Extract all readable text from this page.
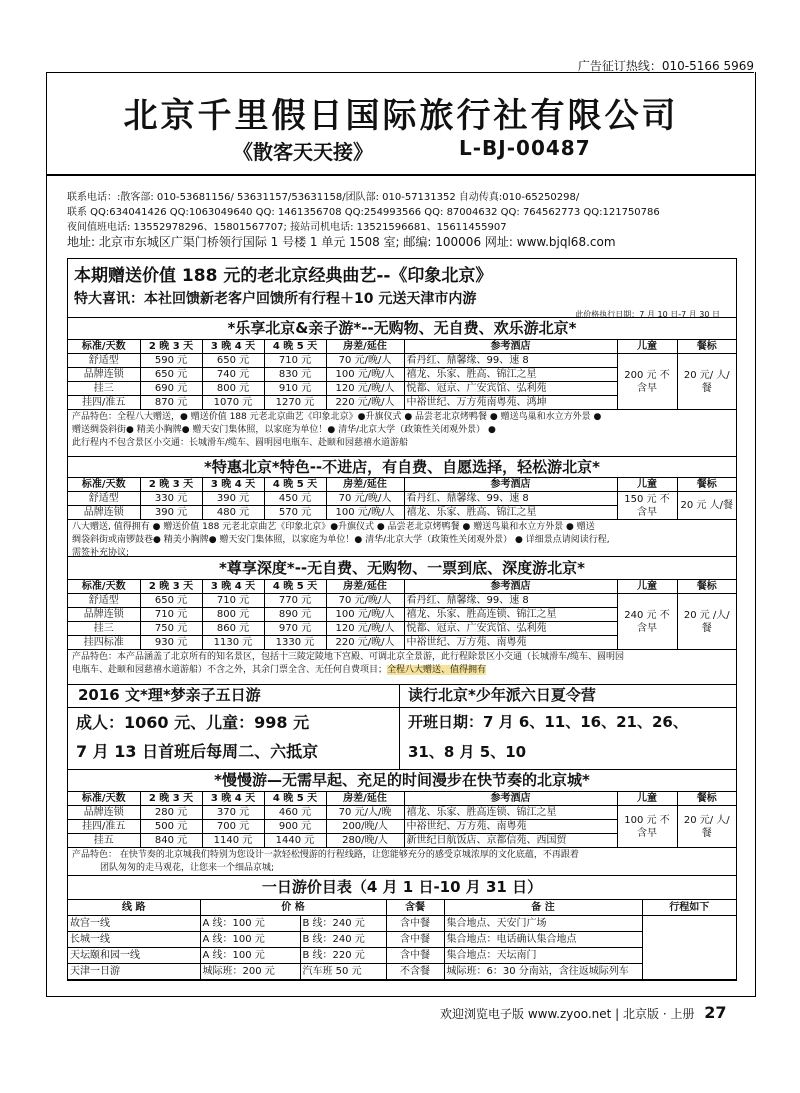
广告征订热线：010-5166 5969
北京千里假日国际旅行社有限公司
《散客天天接》	L-BJ-00487
联系电话：:散客部: 010-53681156/ 53631157/53631158/团队部: 010-57131352 自动传真:010-65250298/
联系 QQ:634041426 QQ:1063049640 QQ: 1461356708 QQ:254993566 QQ: 87004632 QQ: 764562773 QQ:121750786
夜间值班电话: 13552978296、15801567707; 接站司机电话: 13521596681、15611455907
地址: 北京市东城区广渠门桥领行国际 1 号楼 1 单元 1508 室; 邮编: 100006 网址: www.bjql68.com
本期赠送价值 188 元的老北京经典曲艺--《印象北京》
特大喜讯：本社回馈新老客户回馈所有行程＋10 元送天津市内游
此价格执行日期：7 月 10 日-7 月 30 日
*乐享北京&亲子游*--无购物、无自费、欢乐游北京*
标准/天数	2 晚 3 天	3 晚 4 天	4 晚 5 天	房差/延住	参考酒店	儿童	餐标
舒适型	590 元	650 元	710 元	70 元/晚/人	看丹红、鼎馨缘、99、速 8	200 元 不含早	20 元/ 人/餐
品牌连锁	650 元	740 元	830 元	100 元/晚/人	禧龙、乐家、胜高、锦江之星		
挂三	690 元	800 元	910 元	120 元/晚/人	悦都、冠京、广安宾馆、弘利苑		
挂四/准五	870 元	1070 元	1270 元	220 元/晚/人	中裕世纪、万方苑南粤苑、鸿坤		
产品特色：全程八大赠送，● 赠送价值 188 元老北京曲艺《印象北京》●升旗仪式 ● 品尝老北京烤鸭餐 ● 赠送鸟巢和水立方外景 ●
赠送绸袋斜街● 精美小胸牌● 赠天安门集体照，以家庭为单位！● 清华/北京大学（政策性关闭观外景） ●
此行程内不包含景区小交通：长城滑车/缆车、圆明园电瓶车、赴颐和园慈禧水道游船
*特惠北京*特色--不进店，有自费、自愿选择，轻松游北京*
标准/天数	2 晚 3 天	3 晚 4 天	4 晚 5 天	房差/延住	参考酒店	儿童	餐标
舒适型	330 元	390 元	450 元	70 元/晚/人	看丹红、鼎馨缘、99、速 8	150 元 不含早	20 元 人/餐
品牌连锁	390 元	480 元	570 元	100 元/晚/人	禧龙、乐家、胜高、锦江之星		
八大赠送, 值得拥有 ● 赠送价值 188 元老北京曲艺《印象北京》●升旗仪式 ● 品尝老北京烤鸭餐 ● 赠送鸟巢和水立方外景 ● 赠送
绸袋斜街或南锣鼓巷● 精美小胸牌● 赠天安门集体照，以家庭为单位！● 清华/北京大学（政策性关闭观外景） ● 详细景点请阅读行程,
需签补充协议;
*尊享深度*--无自费、无购物、一票到底、深度游北京*
标准/天数	2 晚 3 天	3 晚 4 天	4 晚 5 天	房差/延住	参考酒店	儿童	餐标
舒适型	650 元	710 元	770 元	70 元/晚/人	看丹红、鼎馨缘、99、速 8	240 元 不含早	20 元 /人/餐
品牌连锁	710 元	800 元	890 元	100 元/晚/人	禧龙、乐家、胜高连锁、锦江之星		
挂三	750 元	860 元	970 元	120 元/晚/人	悦都、冠京、广安宾馆、弘利苑		
挂四标准	930 元	1130 元	1330 元	220 元/晚/人	中裕世纪、万方苑、南粤苑		
产品特色：本产品涵盖了北京所有的知名景区，包括十三陵定陵地下宫殿、可调北京全景游，此行程除景区小交通（长城滑车/缆车、圆明园
电瓶车、赴颐和园慈禧水道游船）不含之外，其余门票全含、无任何自费项目；全程八大赠送、值得拥有
2016 文*理*梦亲子五日游
成人：1060 元、儿童：998 元
7 月 13 日首班后每周二、六抵京
读行北京*少年派六日夏令营
开班日期：7 月 6、11、16、21、26、
31、8 月 5、10
*慢慢游—无需早起、充足的时间漫步在快节奏的北京城*
标准/天数	2 晚 3 天	3 晚 4 天	4 晚 5 天	房差/延住	参考酒店	儿童	餐标
品牌连锁	280 元	370 元	460 元	70 元/人/晚	禧龙、乐家、胜高连锁、锦江之星	100 元 不含早	20 元/ 人/餐
挂四/准五	500 元	700 元	900 元	200/晚/人	中裕世纪、万方苑、南粤苑		
挂五	840 元	1140 元	1440 元	280/晚/人	新世纪日航饭店、京都信苑、西国贸		
产品特色： 在快节奏的北京城我们特别为您设计一款轻松慢游的行程线路，让您能够充分的感受京城浓厚的文化底蕴，不再跟着
团队匆匆的走马观花，让您来一个细品京城;
一日游价目表（4 月 1 日-10 月 31 日）
线 路	价 格		含餐	备 注	行程如下
故宫一线	A 线：100 元	B 线：240 元	含中餐	集合地点、天安门广场	
长城一线	A 线：100 元	B 线：240 元	含中餐	集合地点：电话确认集合地点	
天坛颐和园一线	A 线：100 元	B 线：220 元	含中餐	集合地点：天坛南门	
天津一日游	城际班：200 元	汽车班 50 元	不含餐	城际班：6：30 分南站，含往返城际列车	
欢迎浏览电子版 www.zyoo.net | 北京版 · 上册 27
